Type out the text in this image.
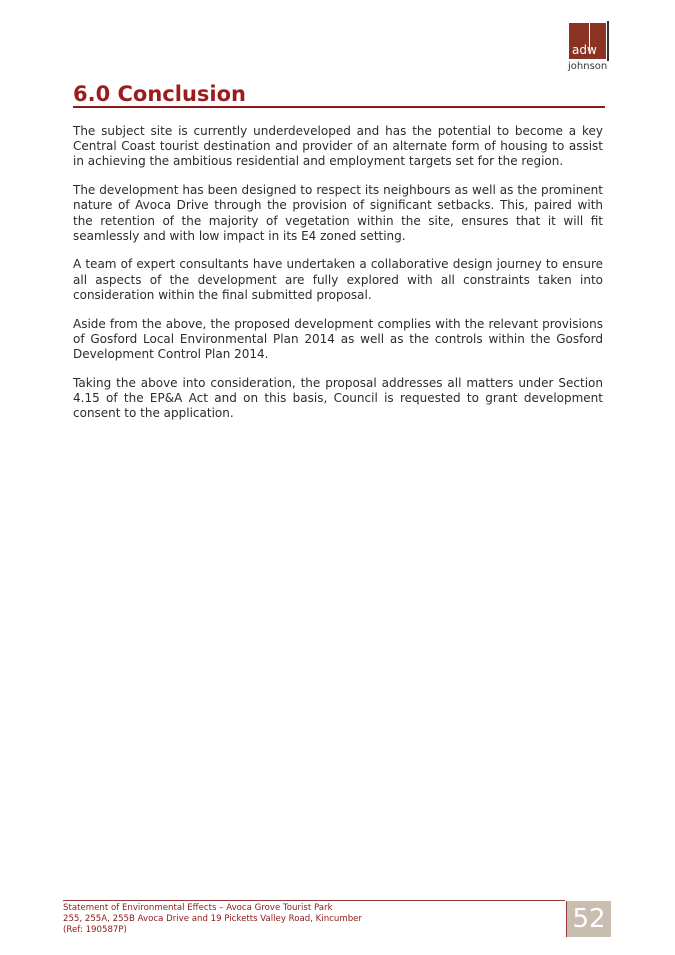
adw
johnson
6.0 Conclusion

The subject site is currently underdeveloped and has the potential to become a key Central Coast tourist destination and provider of an alternate form of housing to assist in achieving the ambitious residential and employment targets set for the region.

The development has been designed to respect its neighbours as well as the prominent nature of Avoca Drive through the provision of significant setbacks. This, paired with the retention of the majority of vegetation within the site, ensures that it will fit seamlessly and with low impact in its E4 zoned setting.

A team of expert consultants have undertaken a collaborative design journey to ensure all aspects of the development are fully explored with all constraints taken into consideration within the final submitted proposal.

Aside from the above, the proposed development complies with the relevant provisions of Gosford Local Environmental Plan 2014 as well as the controls within the Gosford Development Control Plan 2014.

Taking the above into consideration, the proposal addresses all matters under Section 4.15 of the EP&A Act and on this basis, Council is requested to grant development consent to the application.

Statement of Environmental Effects – Avoca Grove Tourist Park
255, 255A, 255B Avoca Drive and 19 Picketts Valley Road, Kincumber
(Ref: 190587P)	52
